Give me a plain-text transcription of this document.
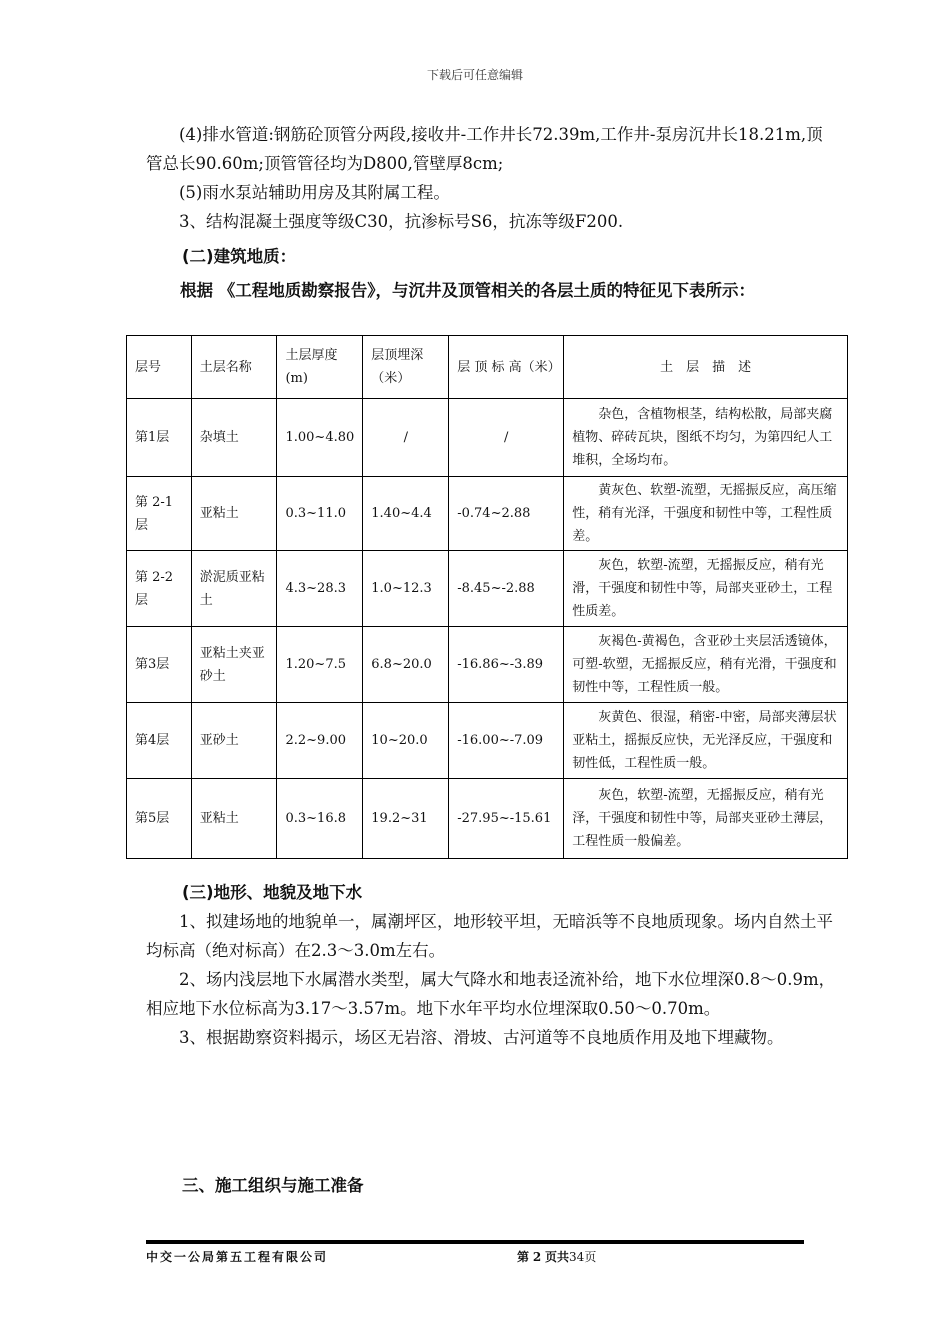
下载后可任意编辑

(4)排水管道:钢筋砼顶管分两段,接收井-工作井长72.39m,工作井-泵房沉井长18.21m,顶管总长90.60m;顶管管径均为D800,管壁厚8cm;

(5)雨水泵站辅助用房及其附属工程。

3、结构混凝土强度等级C30，抗渗标号S6，抗冻等级F200.

(二)建筑地质：
根据 《工程地质勘察报告》，与沉井及顶管相关的各层土质的特征见下表所示：
层号	土层名称	土层厚度(m)	层顶埋深（米）	层 顶 标 高（米）	土　层　描　述
第1层	杂填土	1.00~4.80	/	/	杂色，含植物根茎，结构松散，局部夹腐植物、碎砖瓦块，图纸不均匀，为第四纪人工堆积，全场均布。
第 2-1层	亚粘土	0.3~11.0	1.40~4.4	-0.74~2.88	黄灰色、软塑-流塑，无摇振反应，高压缩性，稍有光泽，干强度和韧性中等，工程性质差。
第 2-2层	淤泥质亚粘土	4.3~28.3	1.0~12.3	-8.45~-2.88	灰色，软塑-流塑，无摇振反应，稍有光滑，干强度和韧性中等，局部夹亚砂土，工程性质差。
第3层	亚粘土夹亚砂土	1.20~7.5	6.8~20.0	-16.86~-3.89	灰褐色-黄褐色，含亚砂土夹层活透镜体，可塑-软塑，无摇振反应，稍有光滑，干强度和韧性中等，工程性质一般。
第4层	亚砂土	2.2~9.00	10~20.0	-16.00~-7.09	灰黄色、很湿，稍密-中密，局部夹薄层状亚粘土，摇振反应快，无光泽反应，干强度和韧性低，工程性质一般。
第5层	亚粘土	0.3~16.8	19.2~31	-27.95~-15.61	灰色，软塑-流塑，无摇振反应，稍有光泽，干强度和韧性中等，局部夹亚砂土薄层，工程性质一般偏差。

(三)地形、地貌及地下水

1、拟建场地的地貌单一，属潮坪区，地形较平坦，无暗浜等不良地质现象。场内自然土平均标高（绝对标高）在2.3～3.0m左右。

2、场内浅层地下水属潜水类型，属大气降水和地表迳流补给，地下水位埋深0.8～0.9m，相应地下水位标高为3.17～3.57m。地下水年平均水位埋深取0.50～0.70m。

3、根据勘察资料揭示，场区无岩溶、滑坡、古河道等不良地质作用及地下埋藏物。

三、施工组织与施工准备
中交一公局第五工程有限公司	第 2 页共34页
